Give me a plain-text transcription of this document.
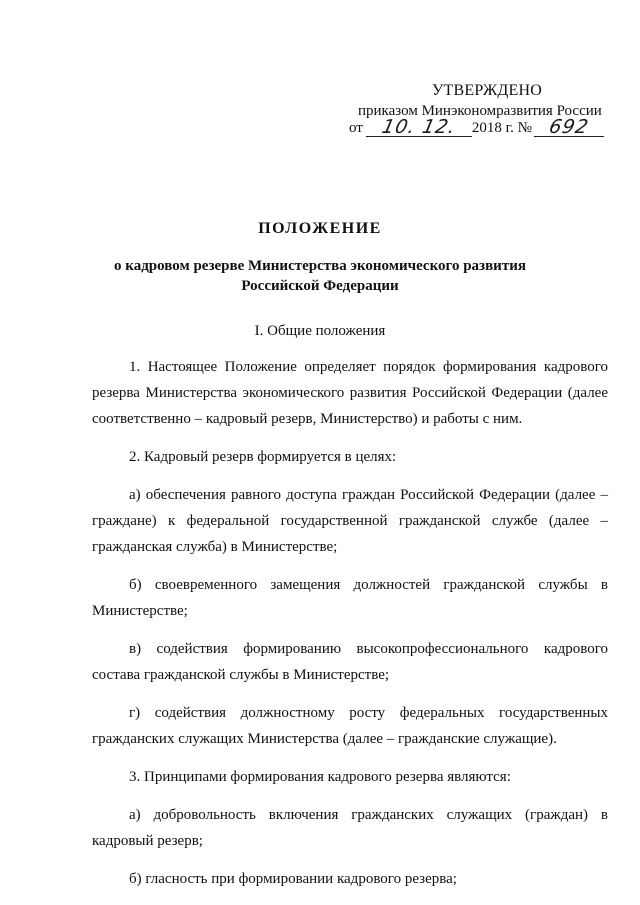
УТВЕРЖДЕНО
приказом Минэкономразвития России
от 10. 12. 2018 г. № 692
ПОЛОЖЕНИЕ
о кадровом резерве Министерства экономического развития
Российской Федерации
I. Общие положения

1. Настоящее Положение определяет порядок формирования кадрового резерва Министерства экономического развития Российской Федерации (далее соответственно – кадровый резерв, Министерство) и работы с ним.

2. Кадровый резерв формируется в целях:

а) обеспечения равного доступа граждан Российской Федерации (далее – граждане) к федеральной государственной гражданской службе (далее – гражданская служба) в Министерстве;

б) своевременного замещения должностей гражданской службы в Министерстве;

в) содействия формированию высокопрофессионального кадрового состава гражданской службы в Министерстве;

г) содействия должностному росту федеральных государственных гражданских служащих Министерства (далее – гражданские служащие).

3. Принципами формирования кадрового резерва являются:

а) добровольность включения гражданских служащих (граждан) в кадровый резерв;

б) гласность при формировании кадрового резерва;
